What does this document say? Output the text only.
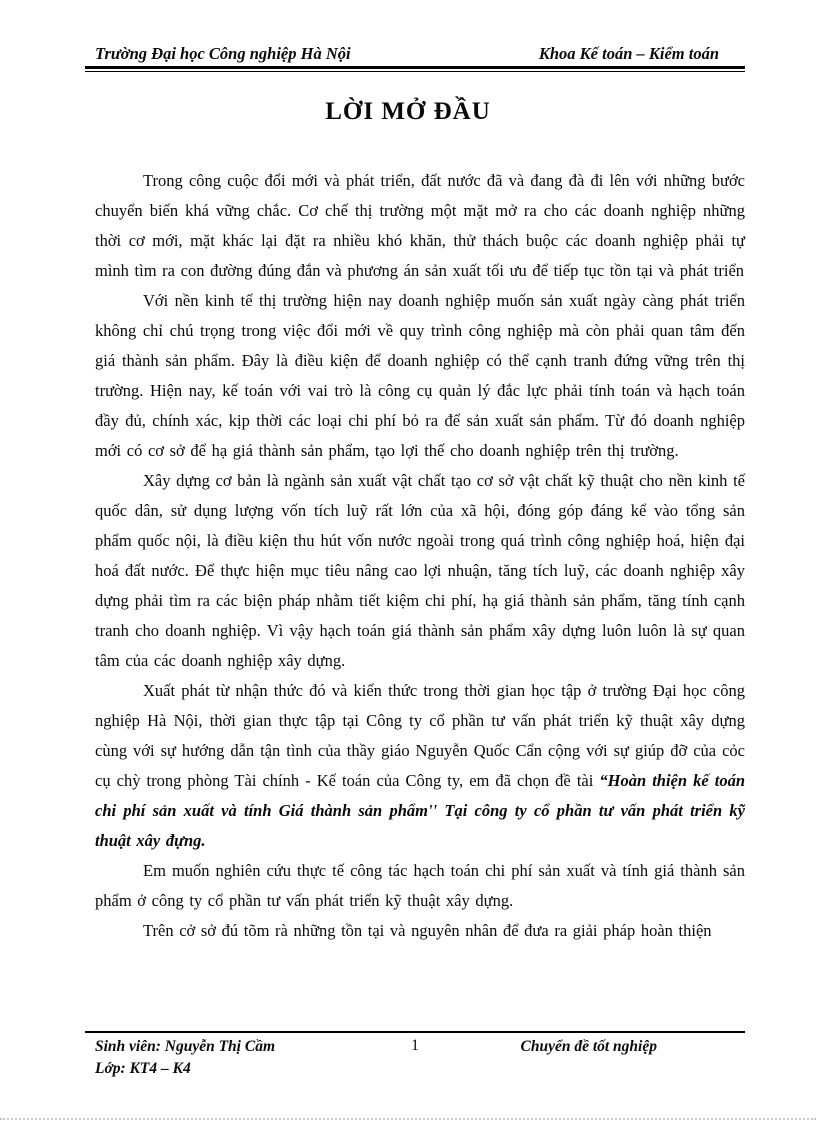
Trường Đại học Công nghiệp Hà Nội	Khoa Kế toán – Kiểm toán
LỜI MỞ ĐẦU

Trong công cuộc đổi mới và phát triển, đất nước đã và đang đà đi lên với những bước chuyển biến khá vững chắc. Cơ chế thị trường một mặt mở ra cho các doanh nghiệp những thời cơ mới, mặt khác lại đặt ra nhiều khó khăn, thử thách buộc các doanh nghiệp phải tự mình tìm ra con đường đúng đắn và phương án sản xuất tối ưu để tiếp tục tồn tại và phát triển

Với nền kinh tế thị trường hiện nay doanh nghiệp muốn sản xuất ngày càng phát triển không chỉ chú trọng trong việc đổi mới về quy trình công nghiệp mà còn phải quan tâm đến giá thành sản phẩm. Đây là điều kiện để doanh nghiệp có thể cạnh tranh đứng vững trên thị trường. Hiện nay, kế toán với vai trò là công cụ quản lý đắc lực phải tính toán và hạch toán đầy đủ, chính xác, kịp thời các loại chi phí bỏ ra để sản xuất sản phẩm. Từ đó doanh nghiệp mới có cơ sở để hạ giá thành sản phẩm, tạo lợi thế cho doanh nghiệp trên thị trường.

Xây dựng cơ bản là ngành sản xuất vật chất tạo cơ sở vật chất kỹ thuật cho nền kinh tế quốc dân, sử dụng lượng vốn tích luỹ rất lớn của xã hội, đóng góp đáng kể vào tổng sản phẩm quốc nội, là điều kiện thu hút vốn nước ngoài trong quá trình công nghiệp hoá, hiện đại hoá đất nước. Để thực hiện mục tiêu nâng cao lợi nhuận, tăng tích luỹ, các doanh nghiệp xây dựng phải tìm ra các biện pháp nhằm tiết kiệm chi phí, hạ giá thành sản phẩm, tăng tính cạnh tranh cho doanh nghiệp. Vì vậy hạch toán giá thành sản phẩm xây dựng luôn luôn là sự quan tâm của các doanh nghiệp xây dựng.

Xuất phát từ nhận thức đó và kiến thức trong thời gian học tập ở trường Đại học công nghiệp Hà Nội, thời gian thực tập tại Công ty cổ phần tư vấn phát triển kỹ thuật xây dựng cùng với sự hướng dẫn tận tình của thầy giáo Nguyễn Quốc Cẩn cộng với sự giúp đỡ của cỏc cụ chỳ trong phòng Tài chính - Kế toán của Công ty, em đã chọn đề tài “Hoàn thiện kế toán chi phí sản xuất và tính Giá thành sản phẩm'' Tại công ty cổ phần tư vấn phát triển kỹ thuật xây đựng.

Em muốn nghiên cứu thực tế công tác hạch toán chi phí sản xuất và tính giá thành sản phẩm ở công ty cổ phần tư vấn phát triển kỹ thuật xây dựng.

Trên cở sở đú tõm rà những tồn tại và nguyên nhân để đưa ra giải pháp hoàn thiện

Sinh viên: Nguyễn Thị Cầm
Lớp: KT4 – K4
1	Chuyển đề tốt nghiệp
